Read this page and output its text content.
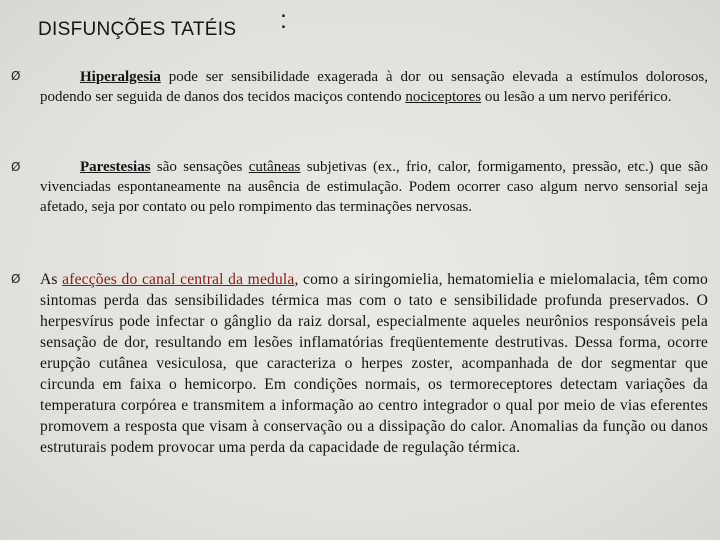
DISFUNÇÕES TATÉIS :
Ø	Hiperalgesia pode ser sensibilidade exagerada à dor ou sensação elevada a estímulos dolorosos, podendo ser seguida de danos dos tecidos maciços contendo nociceptores ou lesão a um nervo periférico.
Ø	Parestesias são sensações cutâneas subjetivas (ex., frio, calor, formigamento, pressão, etc.) que são vivenciadas espontaneamente na ausência de estimulação. Podem ocorrer caso algum nervo sensorial seja afetado, seja por contato ou pelo rompimento das terminações nervosas.
Ø As afecções do canal central da medula, como a siringomielia, hematomielia e mielomalacia, têm como sintomas perda das sensibilidades térmica mas com o tato e sensibilidade profunda preservados. O herpesvírus pode infectar o gânglio da raiz dorsal, especialmente aqueles neurônios responsáveis pela sensação de dor, resultando em lesões inflamatórias freqüentemente destrutivas. Dessa forma, ocorre erupção cutânea vesiculosa, que caracteriza o herpes zoster, acompanhada de dor segmentar que circunda em faixa o hemicorpo. Em condições normais, os termoreceptores detectam variações da temperatura corpórea e transmitem a informação ao centro integrador o qual por meio de vias eferentes promovem a resposta que visam à conservação ou a dissipação do calor. Anomalias da função ou danos estruturais podem provocar uma perda da capacidade de regulação térmica.
